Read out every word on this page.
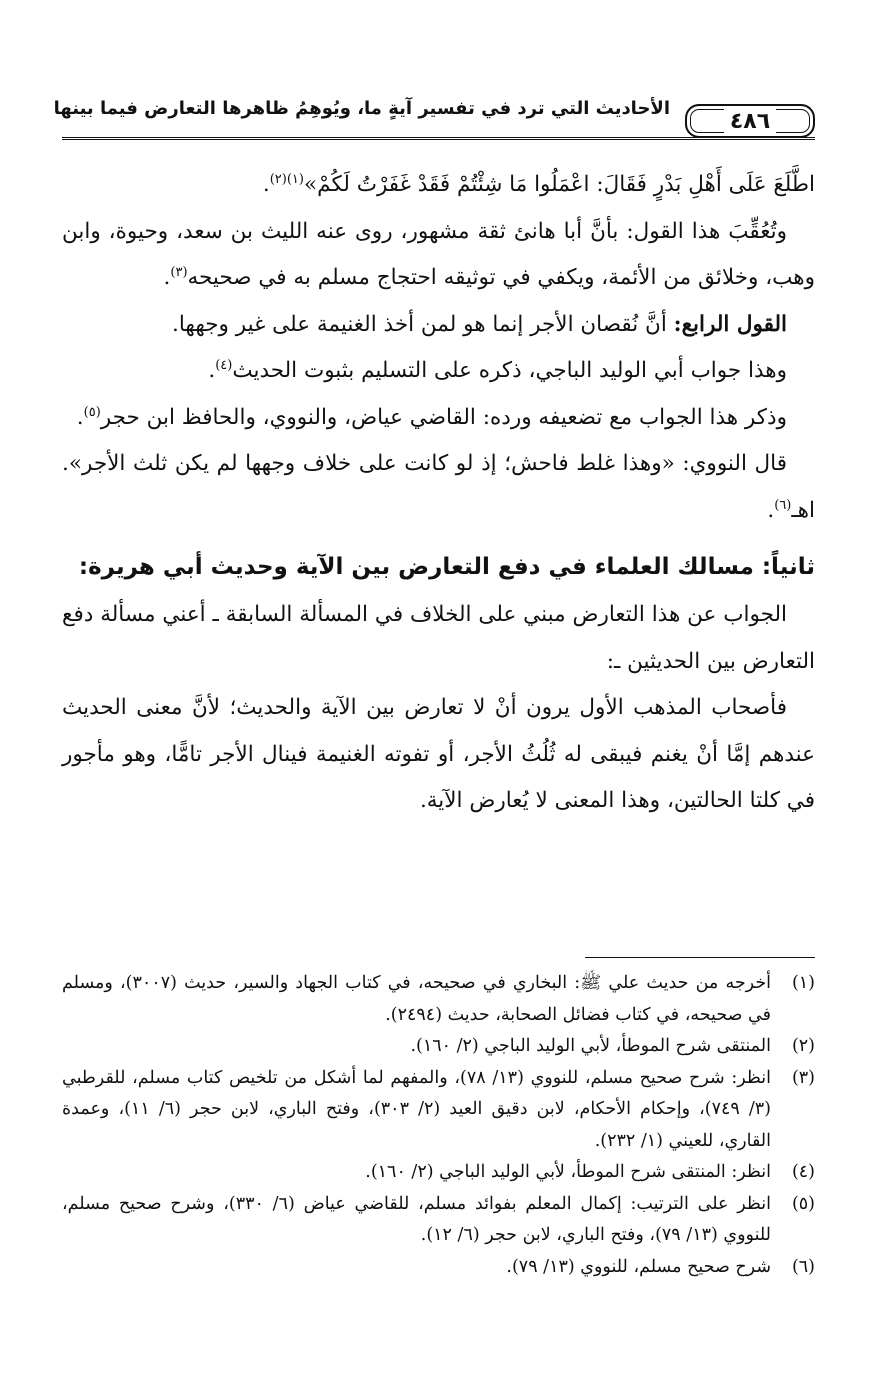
الأحاديث التي ترد في تفسير آيةٍ ما، ويُوهِمُ ظاهرها التعارض فيما بينها	٤٨٦

اطَّلَعَ عَلَى أَهْلِ بَدْرٍ فَقَالَ: اعْمَلُوا مَا شِئْتُمْ فَقَدْ غَفَرْتُ لَكُمْ»$^{(١)(٢)}$.

وتُعُقِّبَ هذا القول: بأنَّ أبا هانئ ثقة مشهور، روى عنه الليث بن سعد، وحيوة، وابن وهب، وخلائق من الأئمة، ويكفي في توثيقه احتجاج مسلم به في صحيحه$^{(٣)}$.

القول الرابع: أنَّ نُقصان الأجر إنما هو لمن أخذ الغنيمة على غير وجهها.

وهذا جواب أبي الوليد الباجي، ذكره على التسليم بثبوت الحديث$^{(٤)}$.

وذكر هذا الجواب مع تضعيفه ورده: القاضي عياض، والنووي، والحافظ ابن حجر$^{(٥)}$.

قال النووي: «وهذا غلط فاحش؛ إذ لو كانت على خلاف وجهها لم يكن ثلث الأجر». اهـ$^{(٦)}$.

ثانياً: مسالك العلماء في دفع التعارض بين الآية وحديث أبي هريرة:

الجواب عن هذا التعارض مبني على الخلاف في المسألة السابقة ـ أعني مسألة دفع التعارض بين الحديثين ـ:

فأصحاب المذهب الأول يرون أنْ لا تعارض بين الآية والحديث؛ لأنَّ معنى الحديث عندهم إمَّا أنْ يغنم فيبقى له ثُلُثُ الأجر، أو تفوته الغنيمة فينال الأجر تامًّا، وهو مأجور في كلتا الحالتين، وهذا المعنى لا يُعارض الآية.

(١)
أخرجه من حديث علي ﷺ: البخاري في صحيحه، في كتاب الجهاد والسير، حديث (٣٠٠٧)، ومسلم في صحيحه، في كتاب فضائل الصحابة، حديث (٢٤٩٤).
(٢)
المنتقى شرح الموطأ، لأبي الوليد الباجي (٢/ ١٦٠).
(٣)
انظر: شرح صحيح مسلم، للنووي (١٣/ ٧٨)، والمفهم لما أشكل من تلخيص كتاب مسلم، للقرطبي (٣/ ٧٤٩)، وإحكام الأحكام، لابن دقيق العيد (٢/ ٣٠٣)، وفتح الباري، لابن حجر (٦/ ١١)، وعمدة القاري، للعيني (١/ ٢٣٢).
(٤)
انظر: المنتقى شرح الموطأ، لأبي الوليد الباجي (٢/ ١٦٠).
(٥)
انظر على الترتيب: إكمال المعلم بفوائد مسلم، للقاضي عياض (٦/ ٣٣٠)، وشرح صحيح مسلم، للنووي (١٣/ ٧٩)، وفتح الباري، لابن حجر (٦/ ١٢).
(٦)
شرح صحيح مسلم، للنووي (١٣/ ٧٩).
